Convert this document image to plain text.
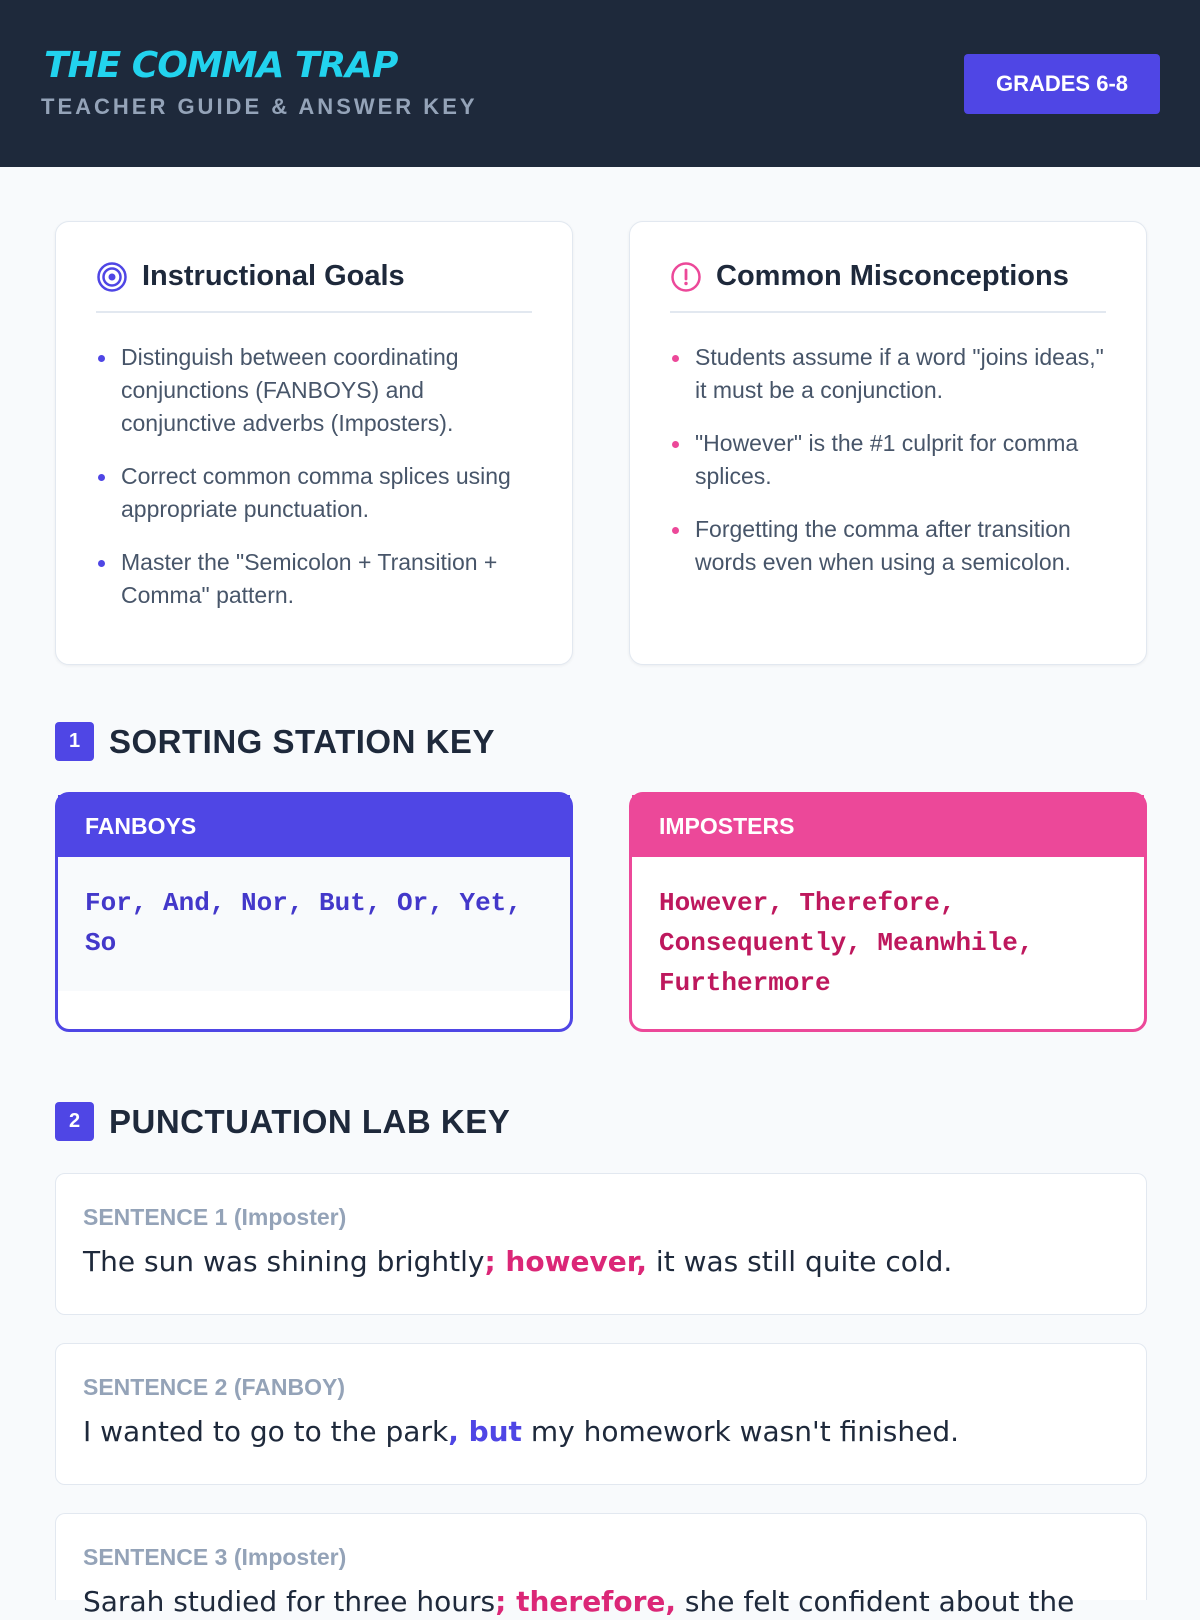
THE COMMA TRAP
TEACHER GUIDE & ANSWER KEY
GRADES 6-8
Instructional Goals
Distinguish between coordinating conjunctions (FANBOYS) and conjunctive adverbs (Imposters).
Correct common comma splices using appropriate punctuation.
Master the "Semicolon + Transition + Comma" pattern.
Common Misconceptions
Students assume if a word "joins ideas," it must be a conjunction.
"However" is the #1 culprit for comma splices.
Forgetting the comma after transition words even when using a semicolon.
1 SORTING STATION KEY
FANBOYS
For, And, Nor, But, Or, Yet, So
IMPOSTERS
However, Therefore, Consequently, Meanwhile, Furthermore
2 PUNCTUATION LAB KEY
SENTENCE 1 (Imposter)
The sun was shining brightly; however, it was still quite cold.
SENTENCE 2 (FANBOY)
I wanted to go to the park, but my homework wasn't finished.
SENTENCE 3 (Imposter)
Sarah studied for three hours; therefore, she felt confident about the
